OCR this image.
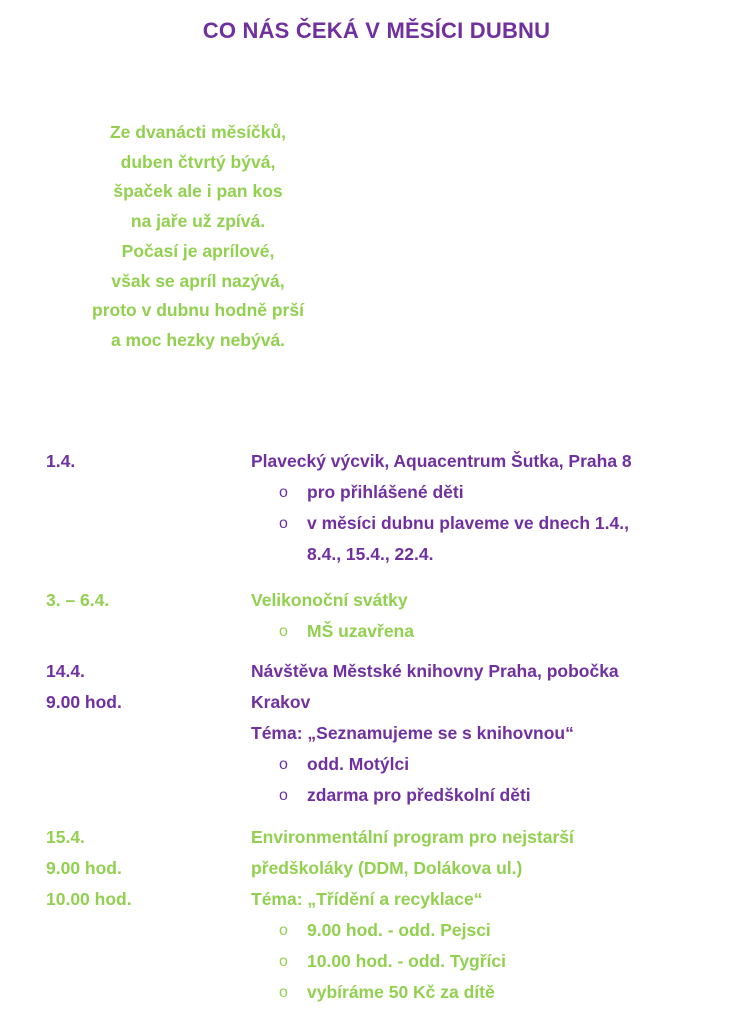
CO NÁS ČEKÁ V MĚSÍCI DUBNU
Ze dvanácti měsíčků,
duben čtvrtý bývá,
špaček ale i pan kos
na jaře už zpívá.
Počasí je aprílové,
však se apríl nazývá,
proto v dubnu hodně prší
a moc hezky nebývá.
1.4.	Plavecký výcvik, Aquacentrum Šutka, Praha 8
o pro přihlášené děti
o v měsíci dubnu plaveme ve dnech 1.4.,
8.4., 15.4., 22.4.
3. – 6.4.	Velikonoční svátky
o MŠ uzavřena
14.4.
9.00 hod.
Návštěva Městské knihovny Praha, pobočka
Krakov
Téma: „Seznamujeme se s knihovnou“
o odd. Motýlci
o zdarma pro předškolní děti
15.4.
9.00 hod.
10.00 hod.
Environmentální program pro nejstarší
předškoláky (DDM, Dolákova ul.)
Téma: „Třídění a recyklace“
o 9.00 hod. - odd. Pejsci
o 10.00 hod. - odd. Tygříci
o vybíráme 50 Kč za dítě
